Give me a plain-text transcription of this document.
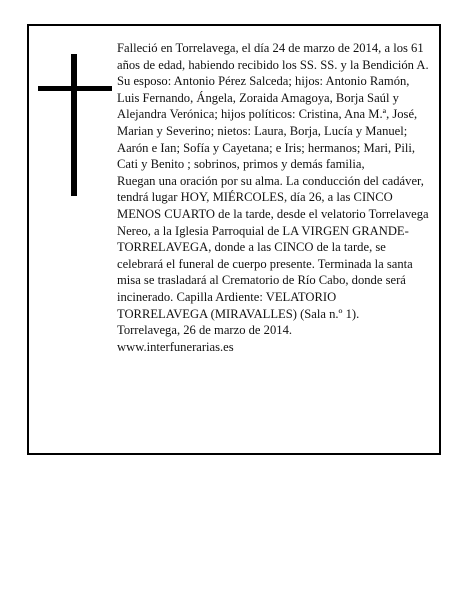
Falleció en Torrelavega, el día 24 de marzo de 2014, a los 61 años de edad, habiendo recibido los SS. SS. y la Bendición A.

Su esposo: Antonio Pérez Salceda; hijos: Antonio Ramón, Luis Fernando, Ángela, Zoraida Amagoya, Borja Saúl y Alejandra Verónica; hijos políticos: Cristina, Ana M.ª, José, Marian y Severino; nietos: Laura, Borja, Lucía y Manuel; Aarón e Ian; Sofía y Cayetana; e Iris; hermanos; Mari, Pili, Cati y Benito ; sobrinos, primos y demás familia,

Ruegan una oración por su alma. La conducción del cadáver, tendrá lugar HOY, MIÉRCOLES, día 26, a las CINCO MENOS CUARTO de la tarde, desde el velatorio Torrelavega Nereo, a la Iglesia Parroquial de LA VIRGEN GRANDE-TORRELAVEGA, donde a las CINCO de la tarde, se celebrará el funeral de cuerpo presente. Terminada la santa misa se trasladará al Crematorio de Río Cabo, donde será incinerado. Capilla Ardiente: VELATORIO TORRELAVEGA (MIRAVALLES) (Sala n.º 1).

Torrelavega, 26 de marzo de 2014.

www.interfunerarias.es
